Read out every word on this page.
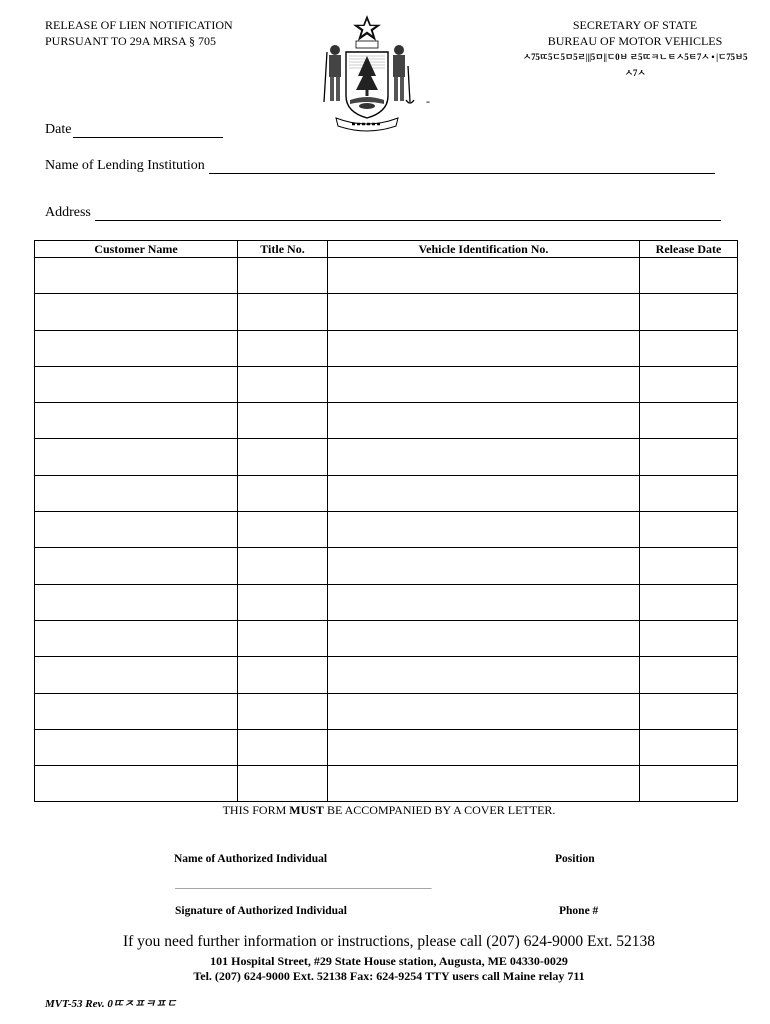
RELEASE OF LIEN NOTIFICATION
PURSUANT TO 29A MRSA § 705
SECRETARY OF STATE
BUREAU OF MOTOR VEHICLES
ㅅ75ㄸ5ㄷ5ㅁ5ㄹ|||5ㅁ||ㄷ0ㅂ ㄹ5ㄸㅋㄴㅌㅅ5ㅌ7ㅅ • |ㄷ75ㅂ5ㅅ7ㅅ
-
Date
Name of Lending Institution
Address
Customer Name	Title No.	Vehicle Identification No.	Release Date

THIS FORM MUST BE ACCOMPANIED BY A COVER LETTER.
Name of Authorized Individual	Position
________________________________________________________________
Signature of Authorized Individual	Phone #
If you need further information or instructions, please call (207) 624-9000 Ext. 52138
101 Hospital Street, #29 State House station, Augusta, ME 04330-0029
Tel. (207) 624-9000 Ext. 52138 Fax: 624-9254 TTY users call Maine relay 711
MVT-53 Rev. 0ㄸㅈㅍㅋㅍㄷ
